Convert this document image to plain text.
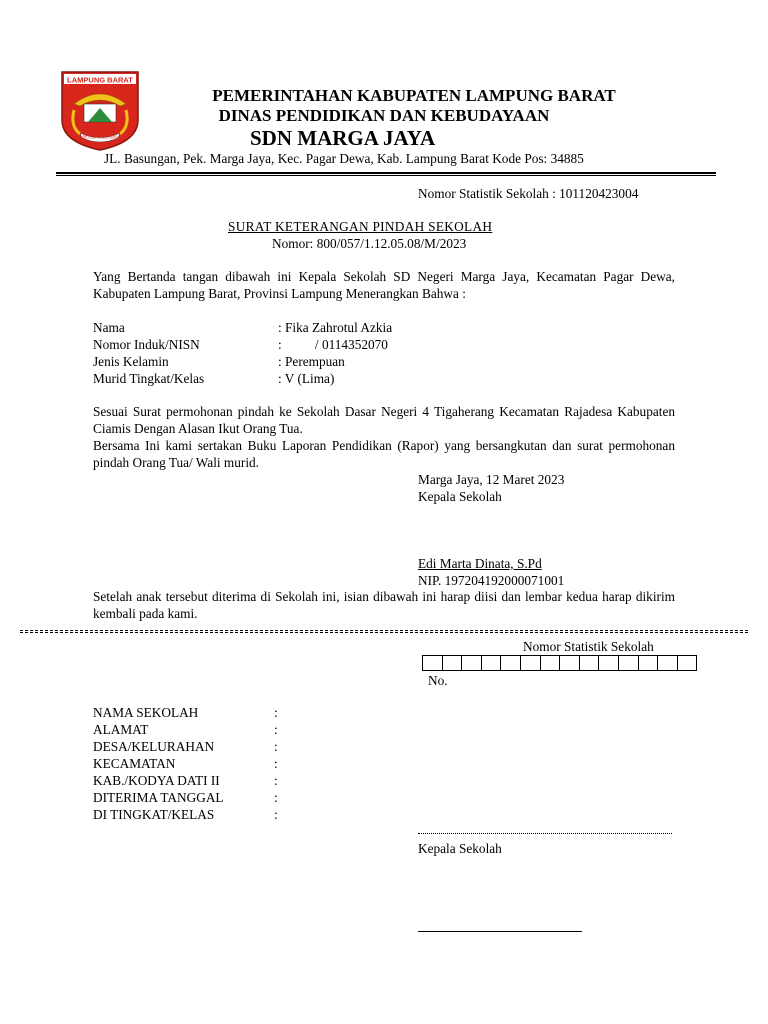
LAMPUNG BARAT
BEGUAI JEJAMA
PEMERINTAHAN KABUPATEN LAMPUNG BARAT
DINAS PENDIDIKAN DAN KEBUDAYAAN
SDN MARGA JAYA
JL. Basungan, Pek. Marga Jaya, Kec. Pagar Dewa, Kab. Lampung Barat Kode Pos: 34885
Nomor Statistik Sekolah : 101120423004
SURAT KETERANGAN PINDAH SEKOLAH
Nomor: 800/057/1.12.05.08/M/2023
Yang Bertanda tangan dibawah ini Kepala Sekolah SD Negeri Marga Jaya, Kecamatan Pagar Dewa, Kabupaten Lampung Barat, Provinsi Lampung Menerangkan Bahwa :
Nama	: Fika Zahrotul Azkia
Nomor Induk/NISN	:          / 0114352070
Jenis Kelamin	: Perempuan
Murid Tingkat/Kelas	: V (Lima)
Sesuai Surat permohonan pindah ke Sekolah Dasar Negeri 4 Tigaherang Kecamatan Rajadesa Kabupaten Ciamis Dengan Alasan Ikut Orang Tua.
Bersama Ini kami sertakan Buku Laporan Pendidikan (Rapor) yang bersangkutan dan surat permohonan pindah Orang Tua/ Wali murid.
Marga Jaya, 12 Maret 2023
Kepala Sekolah
Edi Marta Dinata, S.Pd
NIP. 197204192000071001
Setelah anak tersebut diterima di Sekolah ini, isian dibawah ini harap diisi dan lembar kedua harap dikirim kembali pada kami.
Nomor Statistik Sekolah
No.
NAMA SEKOLAH	:
ALAMAT	:
DESA/KELURAHAN	:
KECAMATAN	:
KAB./KODYA DATI II	:
DITERIMA TANGGAL	:
DI TINGKAT/KELAS	:
Kepala Sekolah
